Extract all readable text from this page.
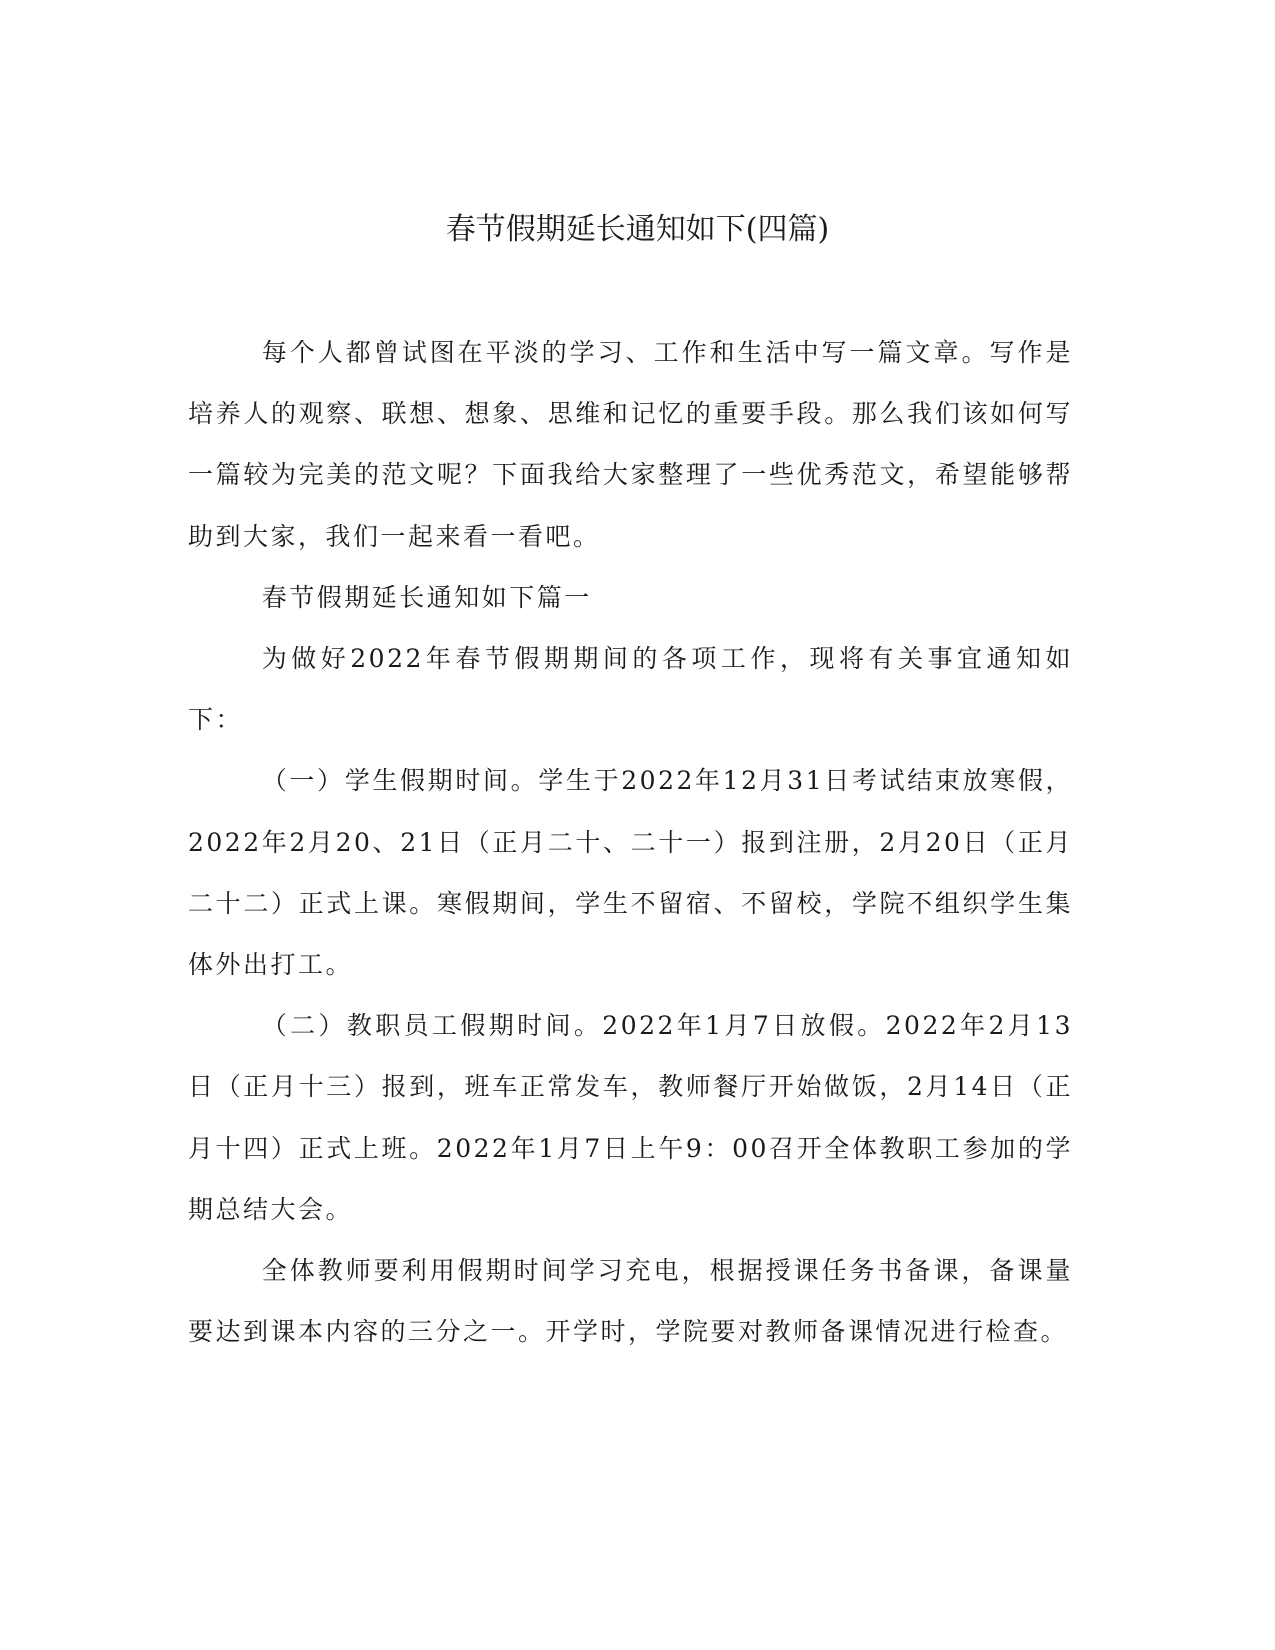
春节假期延长通知如下(四篇)

每个人都曾试图在平淡的学习、工作和生活中写一篇文章。写作是培养人的观察、联想、想象、思维和记忆的重要手段。那么我们该如何写一篇较为完美的范文呢？下面我给大家整理了一些优秀范文，希望能够帮助到大家，我们一起来看一看吧。

春节假期延长通知如下篇一

为做好2022年春节假期期间的各项工作，现将有关事宜通知如下：

（一）学生假期时间。学生于2022年12月31日考试结束放寒假，2022年2月20、21日（正月二十、二十一）报到注册，2月20日（正月二十二）正式上课。寒假期间，学生不留宿、不留校，学院不组织学生集体外出打工。

（二）教职员工假期时间。2022年1月7日放假。2022年2月13日（正月十三）报到，班车正常发车，教师餐厅开始做饭，2月14日（正月十四）正式上班。2022年1月7日上午9：00召开全体教职工参加的学期总结大会。

全体教师要利用假期时间学习充电，根据授课任务书备课，备课量要达到课本内容的三分之一。开学时，学院要对教师备课情况进行检查。
